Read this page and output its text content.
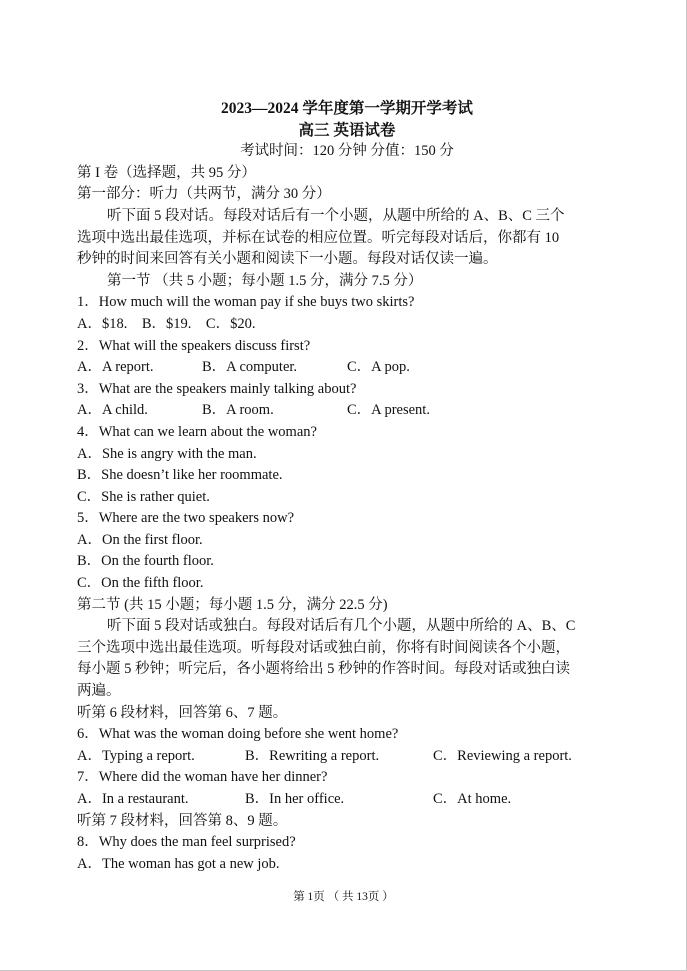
2023—2024 学年度第一学期开学考试
高三 英语试卷
考试时间：120 分钟 分值：150 分
第 I 卷（选择题，共 95 分）
第一部分：听力（共两节，满分 30 分）
听下面 5 段对话。每段对话后有一个小题，从题中所给的 A、B、C 三个
选项中选出最佳选项，并标在试卷的相应位置。听完每段对话后，你都有 10
秒钟的时间来回答有关小题和阅读下一小题。每段对话仅读一遍。
第一节 （共 5 小题；每小题 1.5 分，满分 7.5 分）
1．How much will the woman pay if she buys two skirts?
A．$18. B．$19. C．$20.
2．What will the speakers discuss first?
A．A report.	B．A computer.	C．A pop.
3．What are the speakers mainly talking about?
A．A child.	B．A room.	C．A present.
4．What can we learn about the woman?
A．She is angry with the man.
B．She doesn’t like her roommate.
C．She is rather quiet.
5．Where are the two speakers now?
A．On the first floor.
B．On the fourth floor.
C．On the fifth floor.
第二节 (共 15 小题；每小题 1.5 分，满分 22.5 分)
听下面 5 段对话或独白。每段对话后有几个小题，从题中所给的 A、B、C
三个选项中选出最佳选项。听每段对话或独白前，你将有时间阅读各个小题，
每小题 5 秒钟；听完后，各小题将给出 5 秒钟的作答时间。每段对话或独白读
两遍。
听第 6 段材料，回答第 6、7 题。
6．What was the woman doing before she went home?
A．Typing a report.	B．Rewriting a report.	C．Reviewing a report.
7．Where did the woman have her dinner?
A．In a restaurant.	B．In her office.	C．At home.
听第 7 段材料，回答第 8、9 题。
8．Why does the man feel surprised?
A．The woman has got a new job.
第 1页 （ 共 13页 ）
